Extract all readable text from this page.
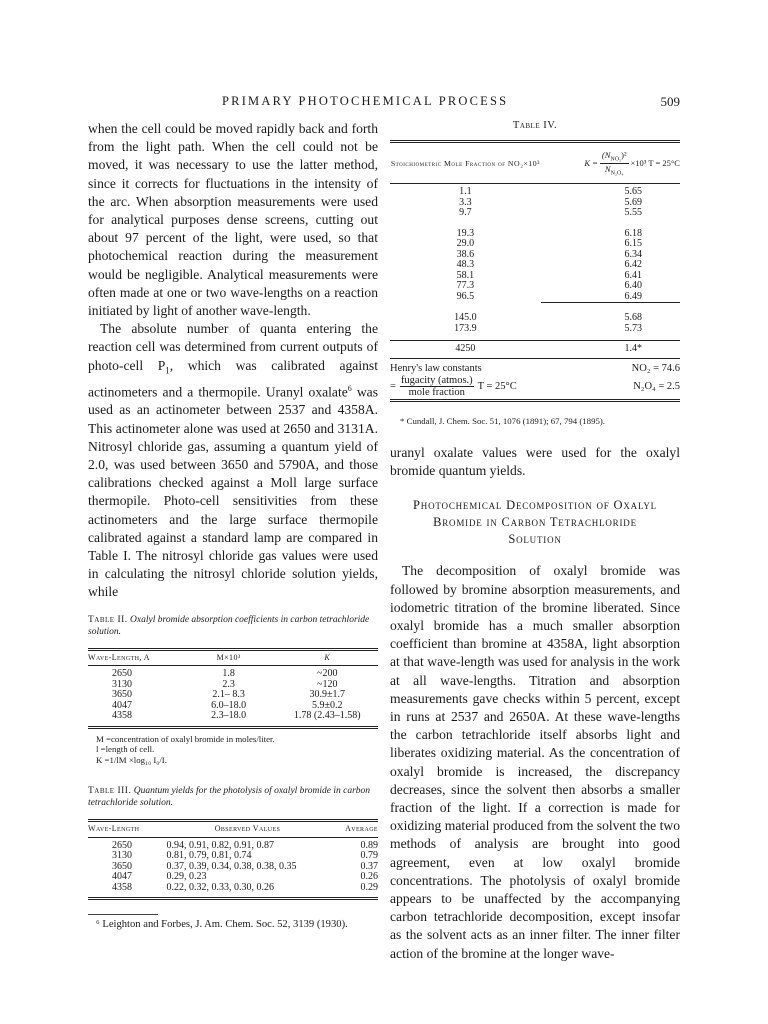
PRIMARY PHOTOCHEMICAL PROCESS	509

when the cell could be moved rapidly back and forth from the light path. When the cell could not be moved, it was necessary to use the latter method, since it corrects for fluctuations in the intensity of the arc. When absorption measurements were used for analytical purposes dense screens, cutting out about 97 percent of the light, were used, so that photochemical reaction during the measurement would be negligible. Analytical measurements were often made at one or two wave-lengths on a reaction initiated by light of another wave-length.

The absolute number of quanta entering the reaction cell was determined from current outputs of photo-cell $P_1$, which was calibrated against actinometers and a thermopile. Uranyl oxalate$^6$ was used as an actinometer between 2537 and 4358A. This actinometer alone was used at 2650 and 3131A. Nitrosyl chloride gas, assuming a quantum yield of 2.0, was used between 3650 and 5790A, and those calibrations checked against a Moll large surface thermopile. Photo-cell sensitivities from these actinometers and the large surface thermopile calibrated against a standard lamp are compared in Table I. The nitrosyl chloride gas values were used in calculating the nitrosyl chloride solution yields, while

Table II. Oxalyl bromide absorption coefficients in carbon tetrachloride solution.

Wave-Length, A	M×10³	K
2650	1.8	~200
3130	2.3	~120
3650	2.1– 8.3	30.9±1.7
4047	6.0–18.0	5.9±0.2
4358	2.3–18.0	1.78 (2.43–1.58)

M =concentration of oxalyl bromide in moles/liter.

l =length of cell.

K =1/lM ×log₁₀ I₀/I.

Table III. Quantum yields for the photolysis of oxalyl bromide in carbon tetrachloride solution.

Wave-Length	Observed Values	Average
2650	0.94, 0.91, 0.82, 0.91, 0.87	0.89
3130	0.81, 0.79, 0.81, 0.74	0.79
3650	0.37, 0.39, 0.34, 0.38, 0.38, 0.35	0.37
4047	0.29, 0.23	0.26
4358	0.22, 0.32, 0.33, 0.30, 0.26	0.29

⁶ Leighton and Forbes, J. Am. Chem. Soc. 52, 3139 (1930).

Table IV.

Stoichiometric Mole Fraction of NO₂×10³	K =
$(N_{NO_2})^2$
$N_{N_2O_4}$
×10³ T = 25°C
1.1	5.65
3.3	5.69
9.7	5.55
19.3	6.18
29.0	6.15
38.6	6.34
48.3	6.42
58.1	6.41
77.3	6.40
96.5	6.49
145.0	5.68
173.9	5.73
4250	1.4*
Henry's law constants	NO₂ = 74.6
=
fugacity (atmos.)
mole fraction
T = 25°C	N₂O₄ = 2.5

* Cundall, J. Chem. Soc. 51, 1076 (1891); 67, 794 (1895).

uranyl oxalate values were used for the oxalyl bromide quantum yields.

Photochemical Decomposition of Oxalyl

Bromide in Carbon Tetrachloride

Solution

The decomposition of oxalyl bromide was followed by bromine absorption measurements, and iodometric titration of the bromine liberated. Since oxalyl bromide has a much smaller absorption coefficient than bromine at 4358A, light absorption at that wave-length was used for analysis in the work at all wave-lengths. Titration and absorption measurements gave checks within 5 percent, except in runs at 2537 and 2650A. At these wave-lengths the carbon tetrachloride itself absorbs light and liberates oxidizing material. As the concentration of oxalyl bromide is increased, the discrepancy decreases, since the solvent then absorbs a smaller fraction of the light. If a correction is made for oxidizing material produced from the solvent the two methods of analysis are brought into good agreement, even at low oxalyl bromide concentrations. The photolysis of oxalyl bromide appears to be unaffected by the accompanying carbon tetrachloride decomposition, except insofar as the solvent acts as an inner filter. The inner filter action of the bromine at the longer wave-
